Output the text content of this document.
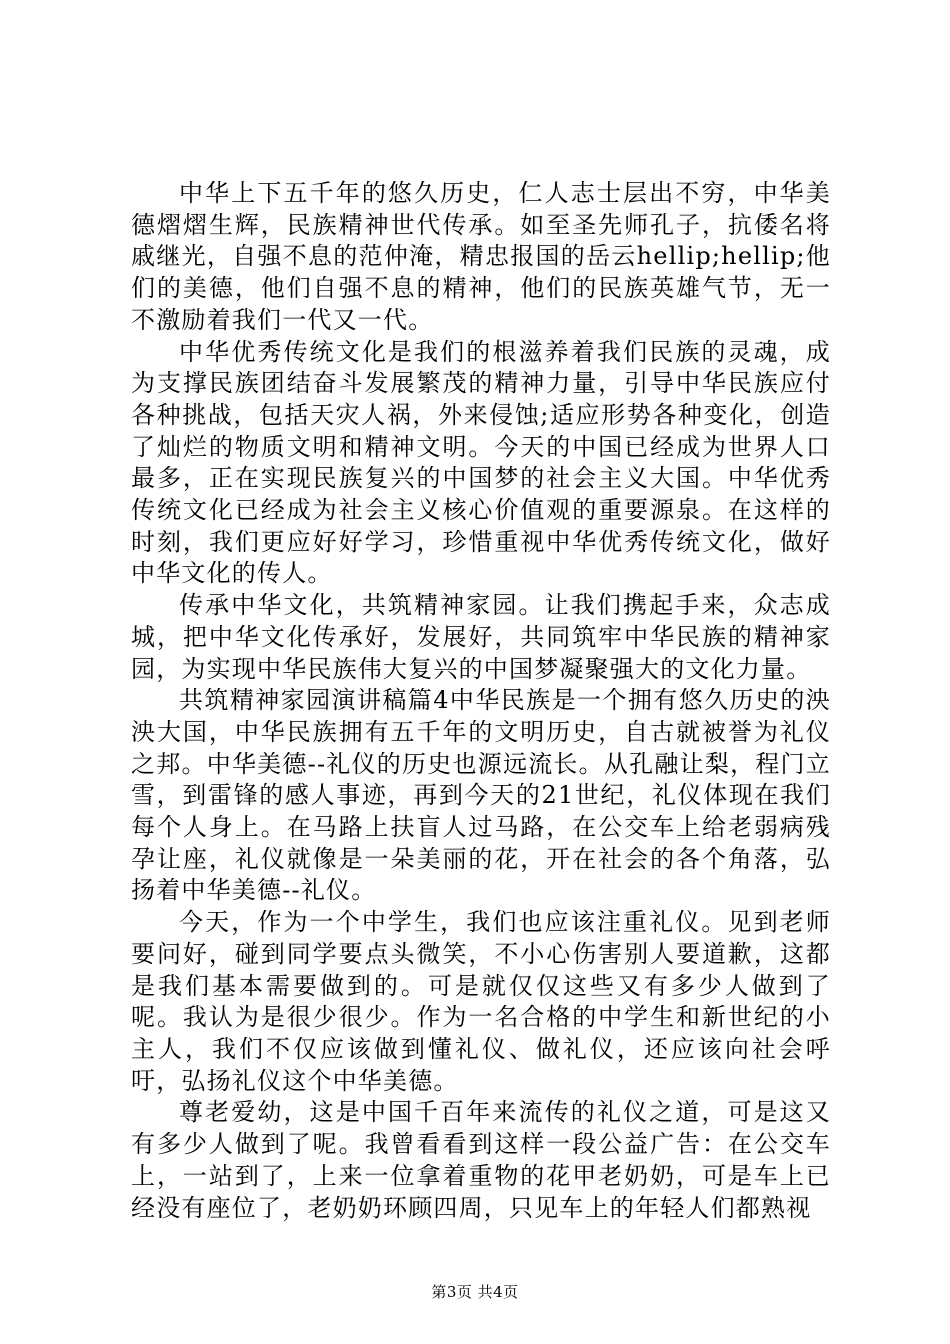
中华上下五千年的悠久历史，仁人志士层出不穷，中华美德熠熠生辉，民族精神世代传承。如至圣先师孔子，抗倭名将戚继光，自强不息的范仲淹，精忠报国的岳云hellip;hellip;他们的美德，他们自强不息的精神，他们的民族英雄气节，无一不激励着我们一代又一代。

中华优秀传统文化是我们的根滋养着我们民族的灵魂，成为支撑民族团结奋斗发展繁茂的精神力量，引导中华民族应付各种挑战，包括天灾人祸，外来侵蚀;适应形势各种变化，创造了灿烂的物质文明和精神文明。今天的中国已经成为世界人口最多，正在实现民族复兴的中国梦的社会主义大国。中华优秀传统文化已经成为社会主义核心价值观的重要源泉。在这样的时刻，我们更应好好学习，珍惜重视中华优秀传统文化，做好中华文化的传人。

传承中华文化，共筑精神家园。让我们携起手来，众志成城，把中华文化传承好，发展好，共同筑牢中华民族的精神家园，为实现中华民族伟大复兴的中国梦凝聚强大的文化力量。

共筑精神家园演讲稿篇4中华民族是一个拥有悠久历史的泱泱大国，中华民族拥有五千年的文明历史，自古就被誉为礼仪之邦。中华美德--礼仪的历史也源远流长。从孔融让梨，程门立雪，到雷锋的感人事迹，再到今天的21世纪，礼仪体现在我们每个人身上。在马路上扶盲人过马路，在公交车上给老弱病残孕让座，礼仪就像是一朵美丽的花，开在社会的各个角落，弘扬着中华美德--礼仪。

今天，作为一个中学生，我们也应该注重礼仪。见到老师要问好，碰到同学要点头微笑，不小心伤害别人要道歉，这都是我们基本需要做到的。可是就仅仅这些又有多少人做到了呢。我认为是很少很少。作为一名合格的中学生和新世纪的小主人，我们不仅应该做到懂礼仪、做礼仪，还应该向社会呼吁，弘扬礼仪这个中华美德。

尊老爱幼，这是中国千百年来流传的礼仪之道，可是这又有多少人做到了呢。我曾看看到这样一段公益广告：在公交车上，一站到了，上来一位拿着重物的花甲老奶奶，可是车上已经没有座位了，老奶奶环顾四周，只见车上的年轻人们都熟视

第3页 共4页
